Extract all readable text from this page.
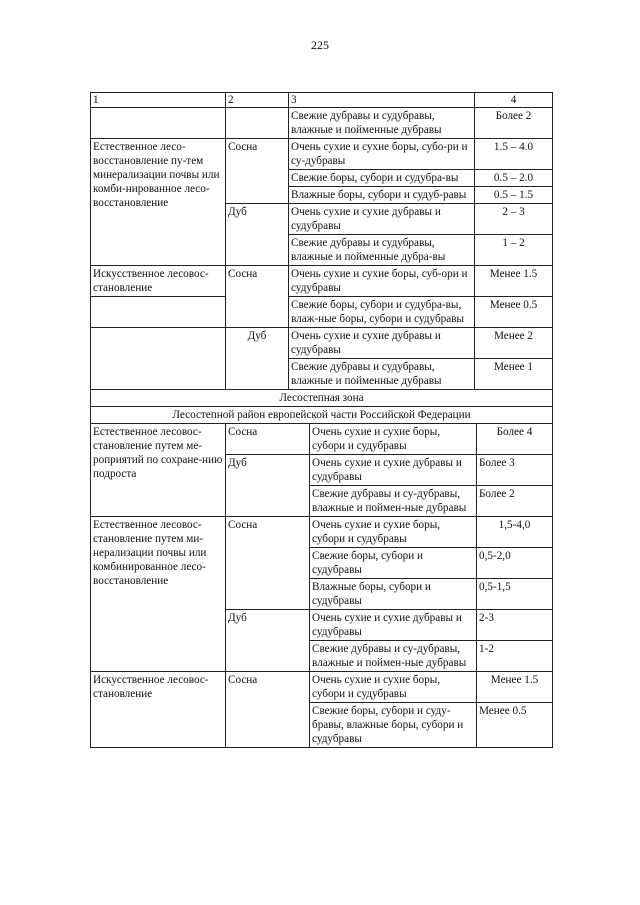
225
1	2	3	4
		Свежие дубравы и судубравы, влажные и пойменные дубравы	Более 2
Естественное лесо-восстановление пу-тем минерализации почвы или комби-нированное лесо-восстановление	Сосна	Очень сухие и сухие боры, субо-ри и су-дубравы	1.5 – 4.0
		Свежие боры, субори и судубра-вы	0.5 – 2.0
		Влажные боры, субори и судуб-равы	0.5 – 1.5
	Дуб	Очень сухие и сухие дубравы и судубравы	2 – 3
		Свежие дубравы и судубравы, влажные и пойменные дубра-вы	1 – 2
Искусственное лесовос-становление	Сосна	Очень сухие и сухие боры, суб-ори и судубравы	Менее 1.5
		Свежие боры, субори и судубра-вы, влаж-ные боры, субори и судубравы	Менее 0.5
	Дуб	Очень сухие и сухие дубравы и судубравы	Менее 2
		Свежие дубравы и судубравы, влажные и пойменные дубравы	Менее 1
Лесостепная зона			
Лесостепной район европейской части Российской Федерации			
Естественное лесовос-становление путем ме-роприятий по сохране-нию подроста	Сосна	Очень сухие и сухие боры, субори и судубравы	Более 4
	Дуб	Очень сухие и сухие дубравы и судубравы	Более 3
		Свежие дубравы и су-дубравы, влажные и поймен-ные дубравы	Более 2
Естественное лесовос-становление путем ми-нерализации почвы или комбинированное лесо-восстановление	Сосна	Очень сухие и сухие боры, субори и судубравы	1,5-4,0
		Свежие боры, субори и судубравы	0,5-2,0
		Влажные боры, субори и судубравы	0,5-1,5
	Дуб	Очень сухие и сухие дубравы и судубравы	2-3
		Свежие дубравы и су-дубравы, влажные и поймен-ные дубравы	1-2
Искусственное лесовос-становление	Сосна	Очень сухие и сухие боры, субори и судубравы	Менее 1.5
		Свежие боры, субори и суду-бравы, влажные боры, субори и судубравы	Менее 0.5
